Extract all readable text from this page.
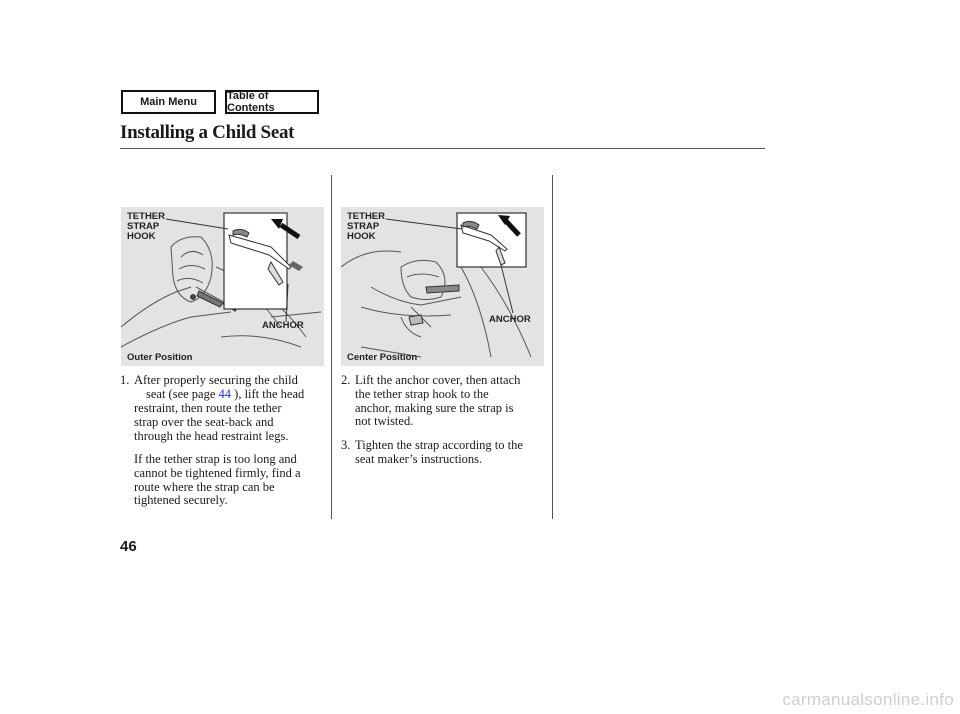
Main Menu	Table of Contents
Installing a Child Seat
TETHER
STRAP
HOOK
ANCHOR
Outer Position
TETHER
STRAP
HOOK
ANCHOR
Center Position
1. After properly securing the child
seat (see page 44 ), lift the head
restraint, then route the tether
strap over the seat-back and
through the head restraint legs.
If the tether strap is too long and
cannot be tightened firmly, find a
route where the strap can be
tightened securely.
2. Lift the anchor cover, then attach
the tether strap hook to the
anchor, making sure the strap is
not twisted.
3. Tighten the strap according to the
seat maker’s instructions.
46
carmanualsonline.info
